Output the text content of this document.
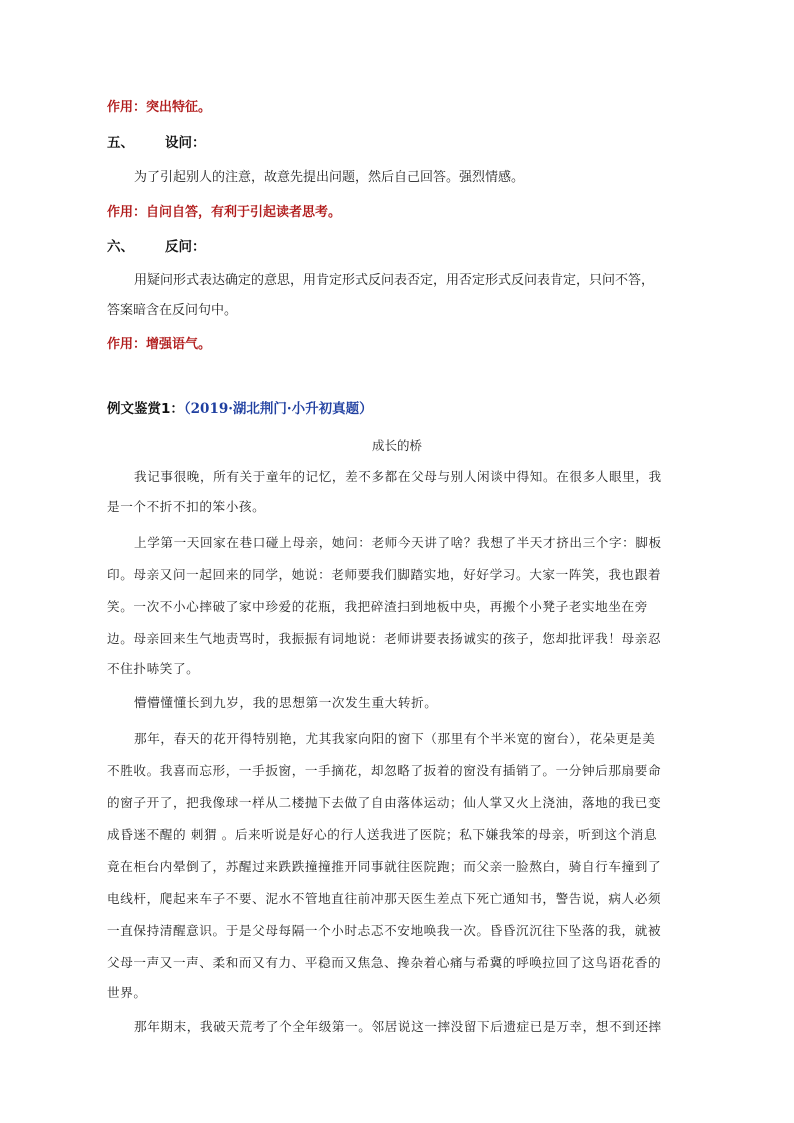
作用：突出特征。

五、 设问：

为了引起别人的注意，故意先提出问题，然后自己回答。强烈情感。

作用：自问自答，有利于引起读者思考。

六、 反问：

用疑问形式表达确定的意思，用肯定形式反问表否定，用否定形式反问表肯定，只问不答，

答案暗含在反问句中。

作用：增强语气。

例文鉴赏1：（2019·湖北荆门·小升初真题）

成长的桥

我记事很晚，所有关于童年的记忆，差不多都在父母与别人闲谈中得知。在很多人眼里，我

是一个不折不扣的笨小孩。

上学第一天回家在巷口碰上母亲，她问：老师今天讲了啥？我想了半天才挤出三个字：脚板

印。母亲又问一起回来的同学，她说：老师要我们脚踏实地，好好学习。大家一阵笑，我也跟着

笑。一次不小心摔破了家中珍爱的花瓶，我把碎渣扫到地板中央，再搬个小凳子老实地坐在旁

边。母亲回来生气地责骂时，我振振有词地说：老师讲要表扬诚实的孩子，您却批评我！母亲忍

不住扑哧笑了。

懵懵懂懂长到九岁，我的思想第一次发生重大转折。

那年，春天的花开得特别艳，尤其我家向阳的窗下（那里有个半米宽的窗台），花朵更是美

不胜收。我喜而忘形，一手扳窗，一手摘花，却忽略了扳着的窗没有插销了。一分钟后那扇要命

的窗子开了，把我像球一样从二楼抛下去做了自由落体运动；仙人掌又火上浇油，落地的我已变

成昏迷不醒的 刺猬 。后来听说是好心的行人送我进了医院；私下嫌我笨的母亲，听到这个消息

竟在柜台内晕倒了，苏醒过来跌跌撞撞推开同事就往医院跑；而父亲一脸熬白，骑自行车撞到了

电线杆，爬起来车子不要、泥水不管地直往前冲那天医生差点下死亡通知书，警告说，病人必须

一直保持清醒意识。于是父母每隔一个小时忐忑不安地唤我一次。昏昏沉沉往下坠落的我，就被

父母一声又一声、柔和而又有力、平稳而又焦急、搀杂着心痛与希冀的呼唤拉回了这鸟语花香的

世界。

那年期末，我破天荒考了个全年级第一。邻居说这一摔没留下后遗症已是万幸，想不到还摔
